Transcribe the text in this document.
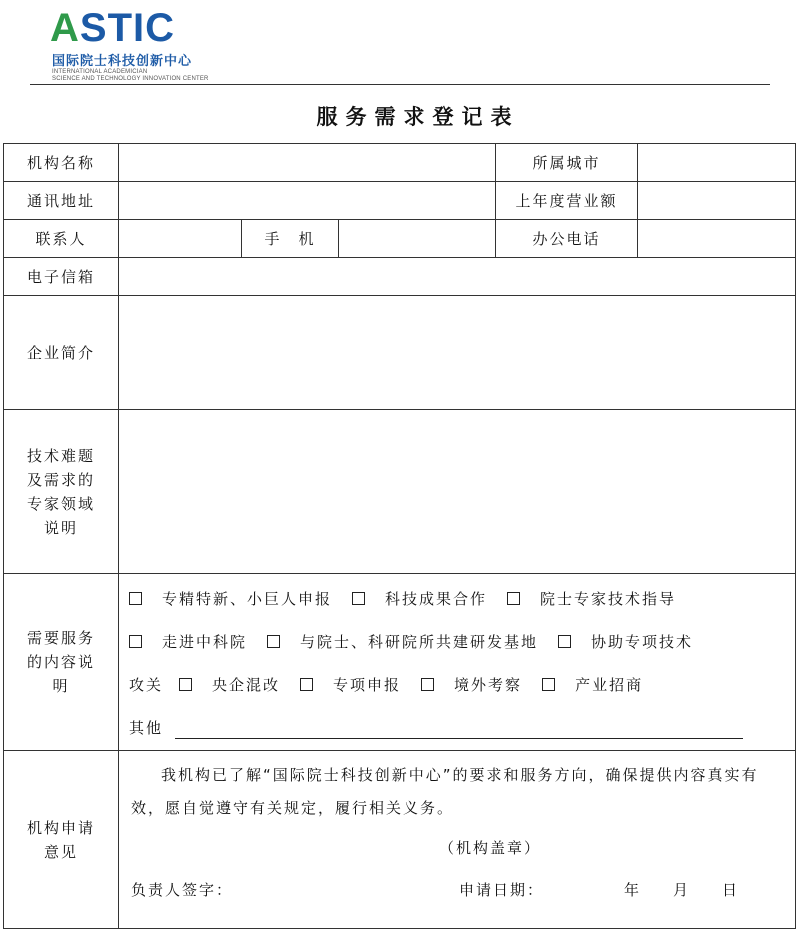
ASTIC
国际院士科技创新中心
INTERNATIONAL ACADEMICIAN
SCIENCE AND TECHNOLOGY INNOVATION CENTER
服务需求登记表
机构名称				所属城市	
通讯地址				上年度营业额	
联系人		手　机		办公电话	
电子信箱					
企业简介					
技术难题及需求的专家领域说明					
需要服务的内容说明	专精特新、小巨人申报 科技成果合作 院士专家技术指导
走进中科院 与院士、科研院所共建研发基地 协助专项技术
攻关 央企混改 专项申报 境外考察 产业招商
其他				

机构申请意见	我机构已了解“国际院士科技创新中心”的要求和服务方向，确保提供内容真实有效，愿自觉遵守有关规定，履行相关义务。
（机构盖章）
负责人签字： 申请日期： 年 月 日				
